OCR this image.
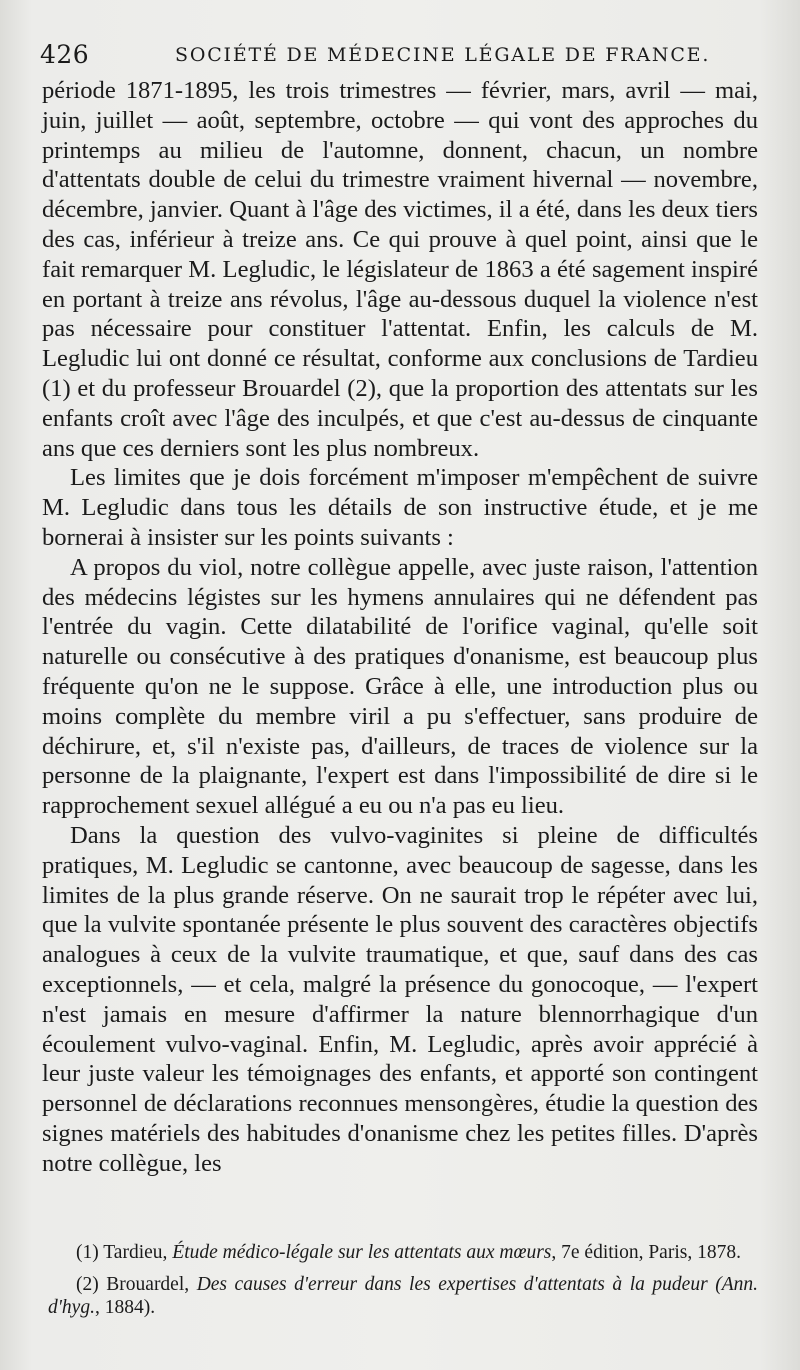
426	SOCIÉTÉ DE MÉDECINE LÉGALE DE FRANCE.

période 1871-1895, les trois trimestres — février, mars, avril — mai, juin, juillet — août, septembre, octobre — qui vont des approches du printemps au milieu de l'automne, donnent, chacun, un nombre d'attentats double de celui du trimestre vraiment hivernal — novembre, décembre, janvier. Quant à l'âge des victimes, il a été, dans les deux tiers des cas, inférieur à treize ans. Ce qui prouve à quel point, ainsi que le fait remarquer M. Legludic, le législateur de 1863 a été sagement inspiré en portant à treize ans révolus, l'âge au-dessous duquel la violence n'est pas nécessaire pour constituer l'attentat. Enfin, les calculs de M. Legludic lui ont donné ce résultat, conforme aux conclusions de Tardieu (1) et du professeur Brouardel (2), que la proportion des attentats sur les enfants croît avec l'âge des inculpés, et que c'est au-dessus de cinquante ans que ces derniers sont les plus nombreux.

Les limites que je dois forcément m'imposer m'empêchent de suivre M. Legludic dans tous les détails de son instructive étude, et je me bornerai à insister sur les points suivants :

A propos du viol, notre collègue appelle, avec juste raison, l'attention des médecins légistes sur les hymens annulaires qui ne défendent pas l'entrée du vagin. Cette dilatabilité de l'orifice vaginal, qu'elle soit naturelle ou consécutive à des pratiques d'onanisme, est beaucoup plus fréquente qu'on ne le suppose. Grâce à elle, une introduction plus ou moins complète du membre viril a pu s'effectuer, sans produire de déchirure, et, s'il n'existe pas, d'ailleurs, de traces de violence sur la personne de la plaignante, l'expert est dans l'impossibilité de dire si le rapprochement sexuel allégué a eu ou n'a pas eu lieu.

Dans la question des vulvo-vaginites si pleine de difficultés pratiques, M. Legludic se cantonne, avec beaucoup de sagesse, dans les limites de la plus grande réserve. On ne saurait trop le répéter avec lui, que la vulvite spontanée présente le plus souvent des caractères objectifs analogues à ceux de la vulvite traumatique, et que, sauf dans des cas exceptionnels, — et cela, malgré la présence du gonocoque, — l'expert n'est jamais en mesure d'affirmer la nature blennorrhagique d'un écoulement vulvo-vaginal. Enfin, M. Legludic, après avoir apprécié à leur juste valeur les témoignages des enfants, et apporté son contingent personnel de déclarations reconnues mensongères, étudie la question des signes matériels des habitudes d'onanisme chez les petites filles. D'après notre collègue, les

(1) Tardieu, Étude médico-légale sur les attentats aux mœurs, 7e édition, Paris, 1878.

(2) Brouardel, Des causes d'erreur dans les expertises d'attentats à la pudeur (Ann. d'hyg., 1884).
